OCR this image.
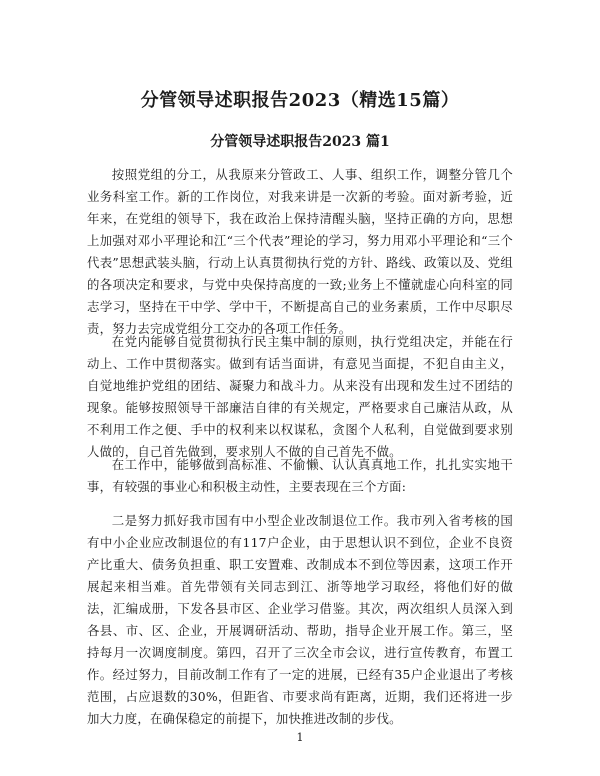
分管领导述职报告2023（精选15篇）
分管领导述职报告2023 篇1

按照党组的分工，从我原来分管政工、人事、组织工作，调整分管几个业务科室工作。新的工作岗位，对我来讲是一次新的考验。面对新考验，近年来，在党组的领导下，我在政治上保持清醒头脑，坚持正确的方向，思想上加强对邓小平理论和江“三个代表”理论的学习，努力用邓小平理论和“三个代表”思想武装头脑，行动上认真贯彻执行党的方针、路线、政策以及、党组的各项决定和要求，与党中央保持高度的一致;业务上不懂就虚心向科室的同志学习，坚持在干中学、学中干，不断提高自己的业务素质，工作中尽职尽责，努力去完成党组分工交办的各项工作任务。

在党内能够自觉贯彻执行民主集中制的原则，执行党组决定，并能在行动上、工作中贯彻落实。做到有话当面讲，有意见当面提，不犯自由主义，自觉地维护党组的团结、凝聚力和战斗力。从来没有出现和发生过不团结的现象。能够按照领导干部廉洁自律的有关规定，严格要求自己廉洁从政，从不利用工作之便、手中的权利来以权谋私，贪图个人私利，自觉做到要求别人做的，自己首先做到，要求别人不做的自己首先不做。

在工作中，能够做到高标准、不偷懒、认认真真地工作，扎扎实实地干事，有较强的事业心和积极主动性，主要表现在三个方面:

二是努力抓好我市国有中小型企业改制退位工作。我市列入省考核的国有中小企业应改制退位的有117户企业，由于思想认识不到位，企业不良资产比重大、债务负担重、职工安置难、改制成本不到位等因素，这项工作开展起来相当难。首先带领有关同志到江、浙等地学习取经，将他们好的做法，汇编成册，下发各县市区、企业学习借鉴。其次，两次组织人员深入到各县、市、区、企业，开展调研活动、帮助，指导企业开展工作。第三，坚持每月一次调度制度。第四，召开了三次全市会议，进行宣传教育，布置工作。经过努力，目前改制工作有了一定的进展，已经有35户企业退出了考核范围，占应退数的30%，但距省、市要求尚有距离，近期，我们还将进一步加大力度，在确保稳定的前提下，加快推进改制的步伐。

1
